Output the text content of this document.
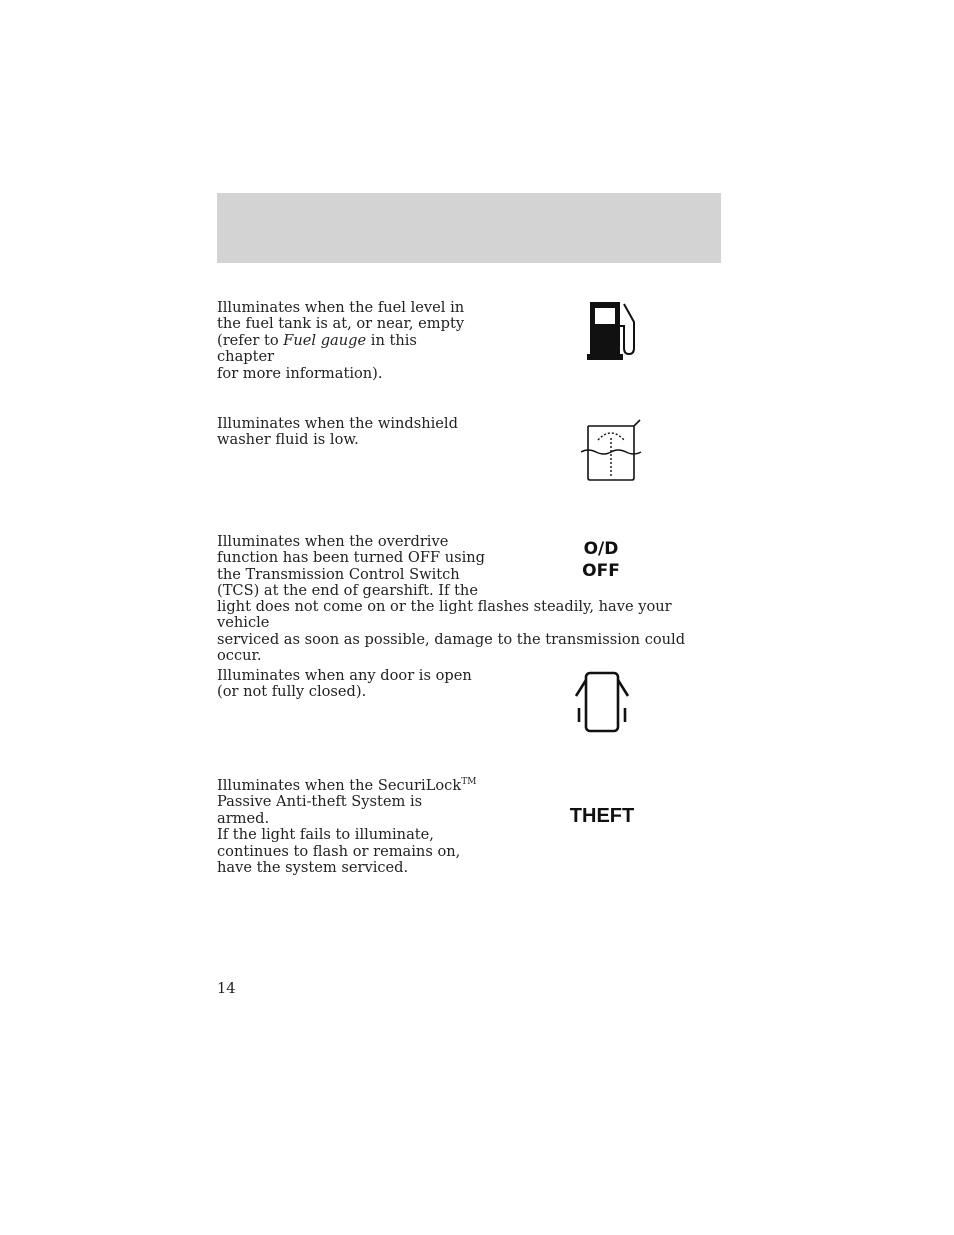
Illuminates when the fuel level in
the fuel tank is at, or near, empty
(refer to Fuel gauge in this chapter
for more information).

Illuminates when the windshield
washer fluid is low.

Illuminates when the overdrive
function has been turned OFF using
the Transmission Control Switch
(TCS) at the end of gearshift. If the

light does not come on or the light flashes steadily, have your vehicle
serviced as soon as possible, damage to the transmission could occur.

O/D
OFF

Illuminates when any door is open
(or not fully closed).

Illuminates when the SecuriLock™
Passive Anti-theft System is armed.
If the light fails to illuminate,
continues to flash or remains on,
have the system serviced.

THEFT
14
